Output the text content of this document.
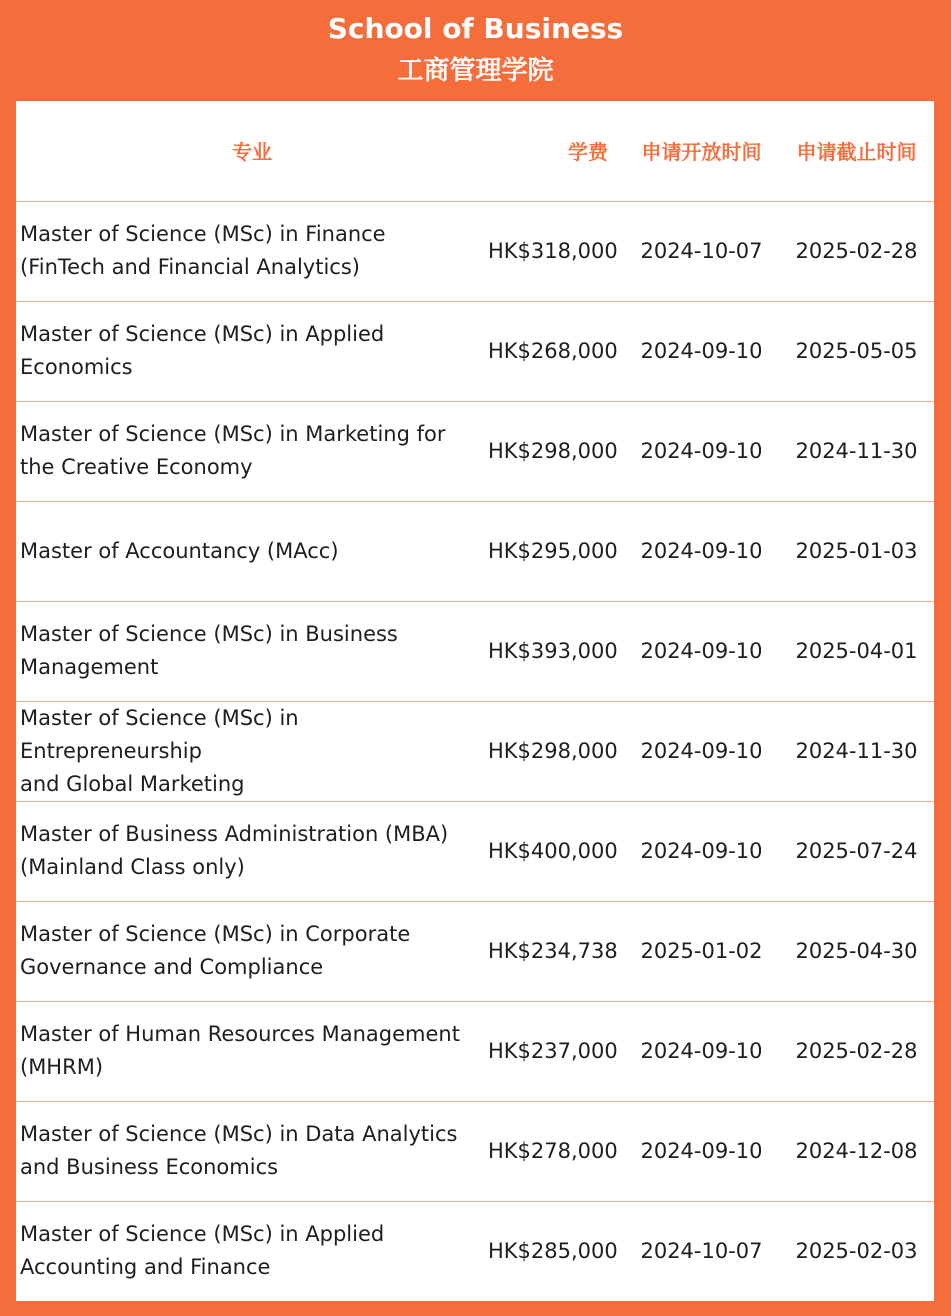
School of Business
工商管理学院
专业	学费	申请开放时间	申请截止时间
Master of Science (MSc) in Finance
(FinTech and Financial Analytics)	HK$318,000	2024-10-07	2025-02-28
Master of Science (MSc) in Applied
Economics	HK$268,000	2024-09-10	2025-05-05
Master of Science (MSc) in Marketing for
the Creative Economy	HK$298,000	2024-09-10	2024-11-30
Master of Accountancy (MAcc)	HK$295,000	2024-09-10	2025-01-03
Master of Science (MSc) in Business
Management	HK$393,000	2024-09-10	2025-04-01
Master of Science (MSc) in
Entrepreneurship
and Global Marketing	HK$298,000	2024-09-10	2024-11-30
Master of Business Administration (MBA)
(Mainland Class only)	HK$400,000	2024-09-10	2025-07-24
Master of Science (MSc) in Corporate
Governance and Compliance	HK$234,738	2025-01-02	2025-04-30
Master of Human Resources Management
(MHRM)	HK$237,000	2024-09-10	2025-02-28
Master of Science (MSc) in Data Analytics
and Business Economics	HK$278,000	2024-09-10	2024-12-08
Master of Science (MSc) in Applied
Accounting and Finance	HK$285,000	2024-10-07	2025-02-03
